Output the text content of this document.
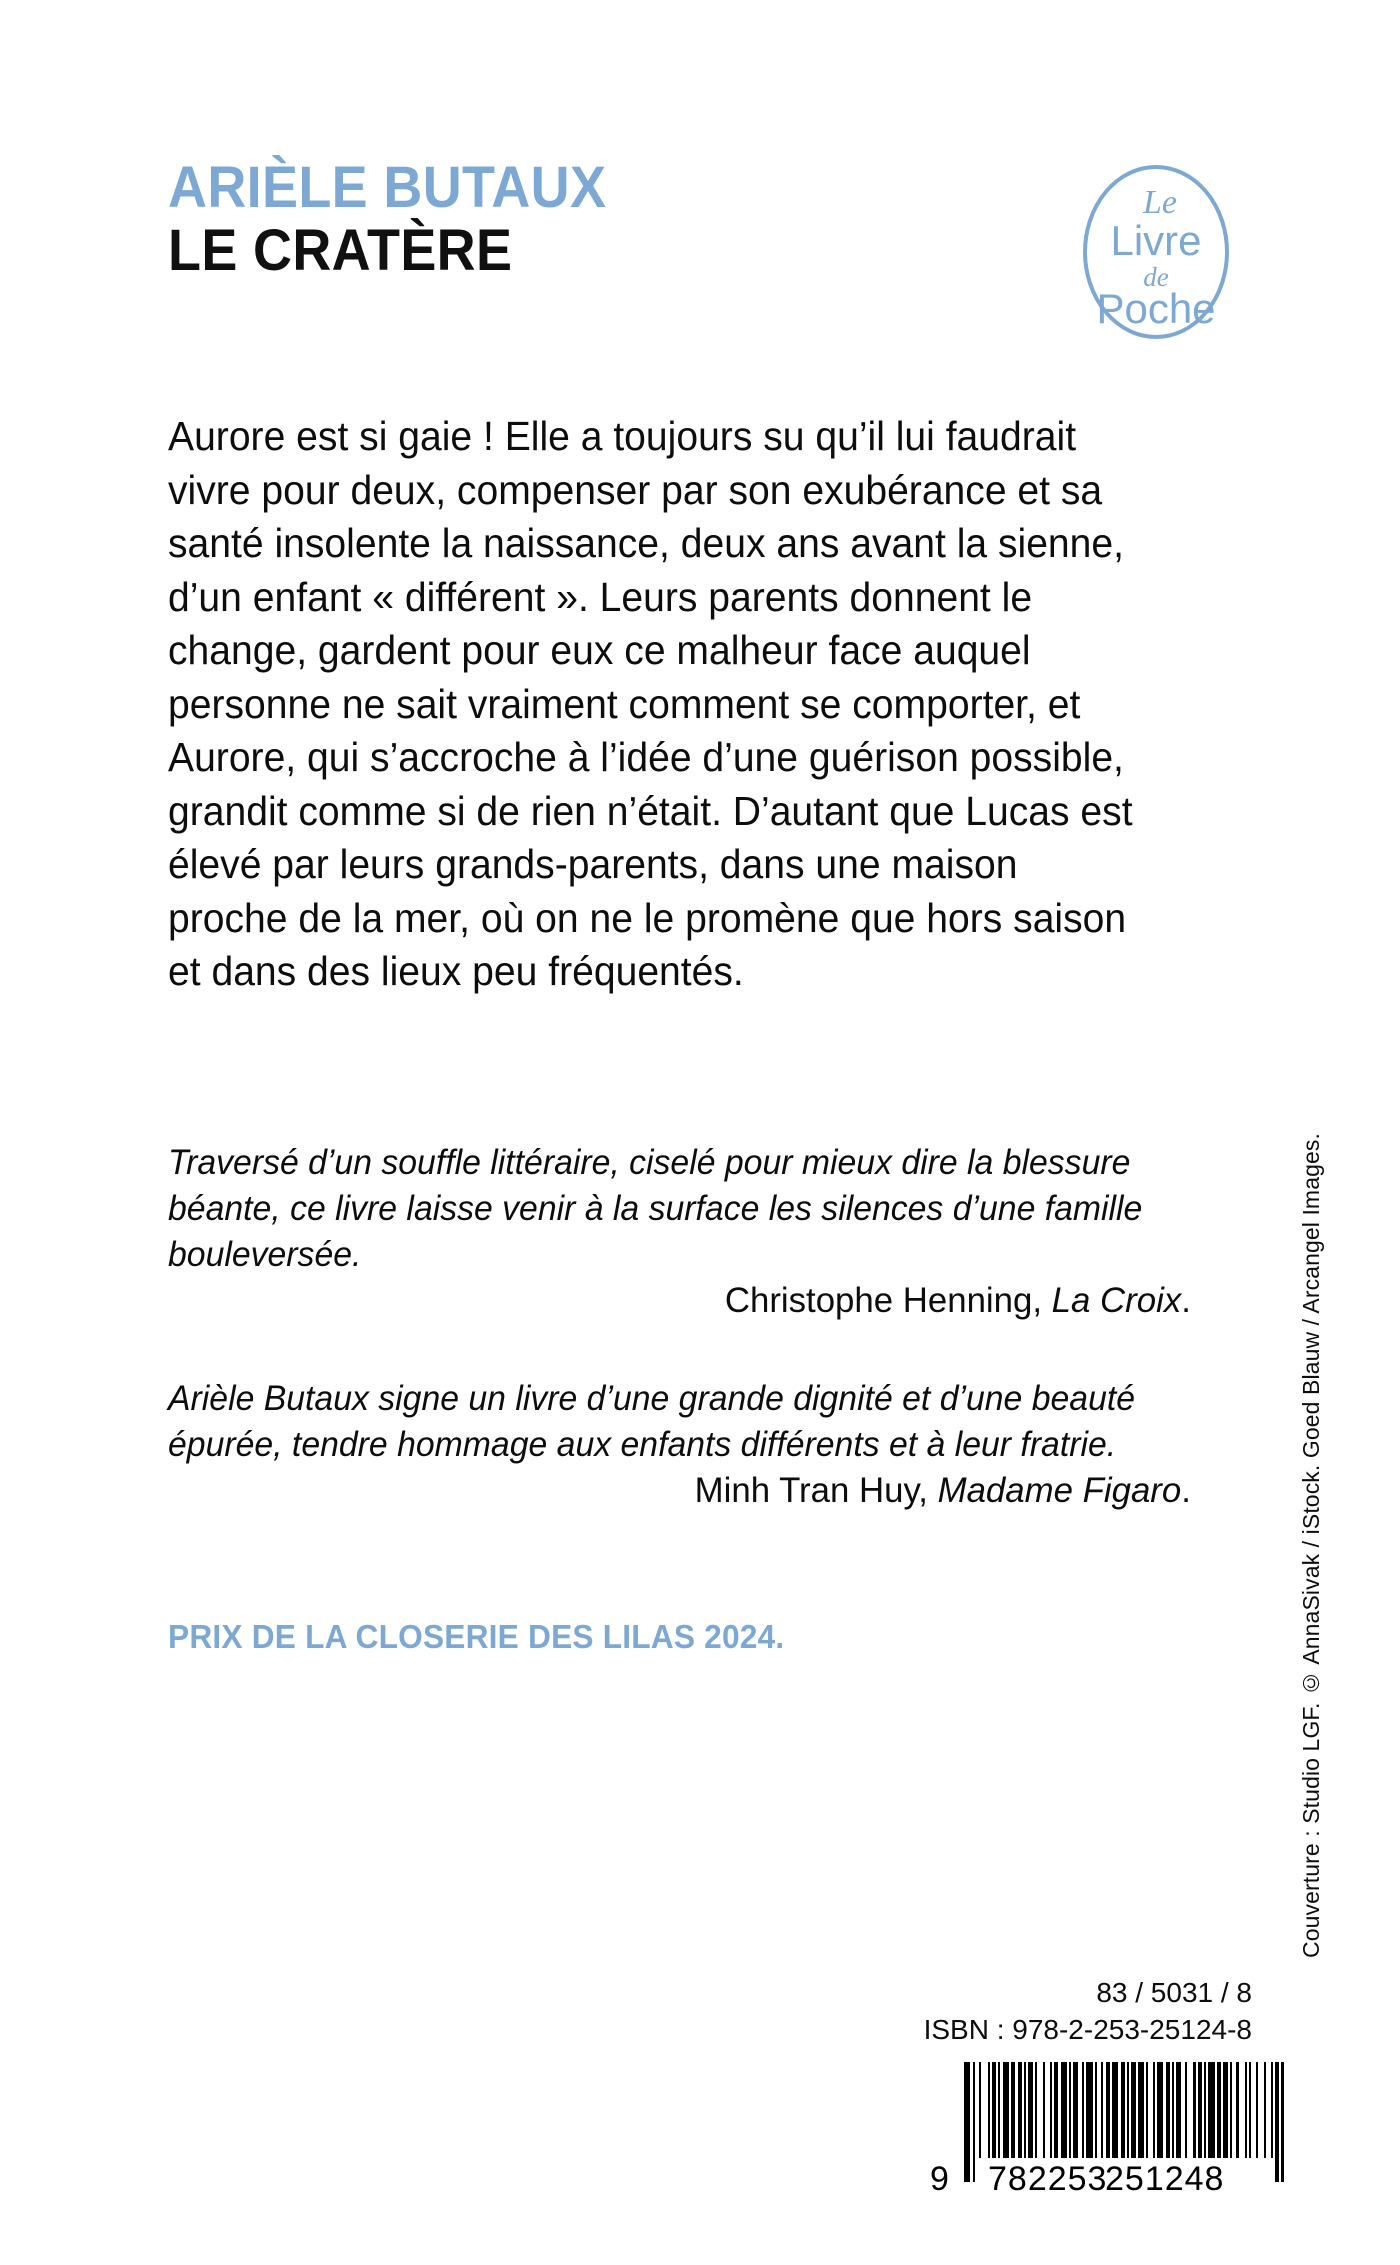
ARIÈLE BUTAUX
LE CRATÈRE
Le
Livre
de
Poche

Aurore est si gaie ! Elle a toujours su qu’il lui faudrait vivre pour deux, compenser par son exubérance et sa santé insolente la naissance, deux ans avant la sienne, d’un enfant « différent ». Leurs parents donnent le change, gardent pour eux ce malheur face auquel personne ne sait vraiment comment se comporter, et Aurore, qui s’accroche à l’idée d’une guérison possible, grandit comme si de rien n’était. D’autant que Lucas est élevé par leurs grands-parents, dans une maison proche de la mer, où on ne le promène que hors saison et dans des lieux peu fréquentés.

Traversé d’un souffle littéraire, ciselé pour mieux dire la blessure béante, ce livre laisse venir à la surface les silences d’une famille bouleversée.

Christophe Henning, La Croix.

Arièle Butaux signe un livre d’une grande dignité et d’une beauté épurée, tendre hommage aux enfants différents et à leur fratrie.

Minh Tran Huy, Madame Figaro.

PRIX DE LA CLOSERIE DES LILAS 2024.	Couverture : Studio LGF. © AnnaSivak / iStock. Goed Blauw / Arcangel Images.
83 / 5031 / 8
ISBN : 978-2-253-25124-8
9 782253
251248
